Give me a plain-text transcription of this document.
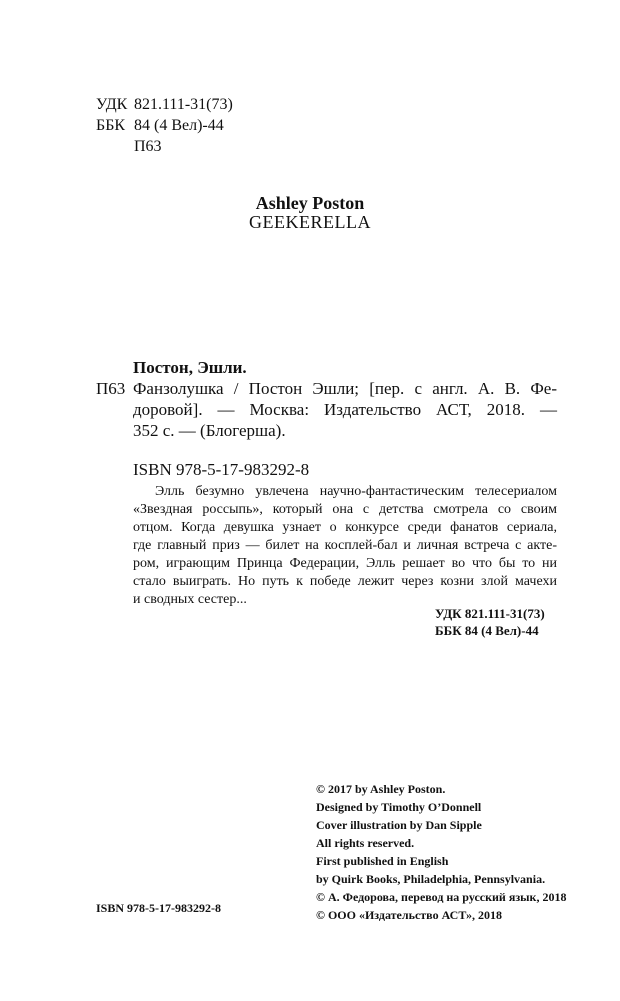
УДК 821.111-31(73)
ББК 84 (4 Вел)-44
П63
Ashley Poston
GEEKERELLA
Постон, Эшли.
П63 Фанзолушка / Постон Эшли; [пер. с англ. А. В. Фе-
доровой]. — Москва: Издательство АСТ, 2018. —
352 с. — (Блогерша).
ISBN 978-5-17-983292-8
Элль безумно увлечена научно-фантастическим телесериалом
«Звездная россыпь», который она с детства смотрела со своим
отцом. Когда девушка узнает о конкурсе среди фанатов сериала,
где главный приз — билет на косплей-бал и личная встреча с акте-
ром, играющим Принца Федерации, Элль решает во что бы то ни
стало выиграть. Но путь к победе лежит через козни злой мачехи
и сводных сестер...
УДК 821.111-31(73)
ББК 84 (4 Вел)-44
© 2017 by Ashley Poston.
Designed by Timothy O’Donnell
Cover illustration by Dan Sipple
All rights reserved.
First published in English
by Quirk Books, Philadelphia, Pennsylvania.
© А. Федорова, перевод на русский язык, 2018
© ООО «Издательство АСТ», 2018
ISBN 978-5-17-983292-8
